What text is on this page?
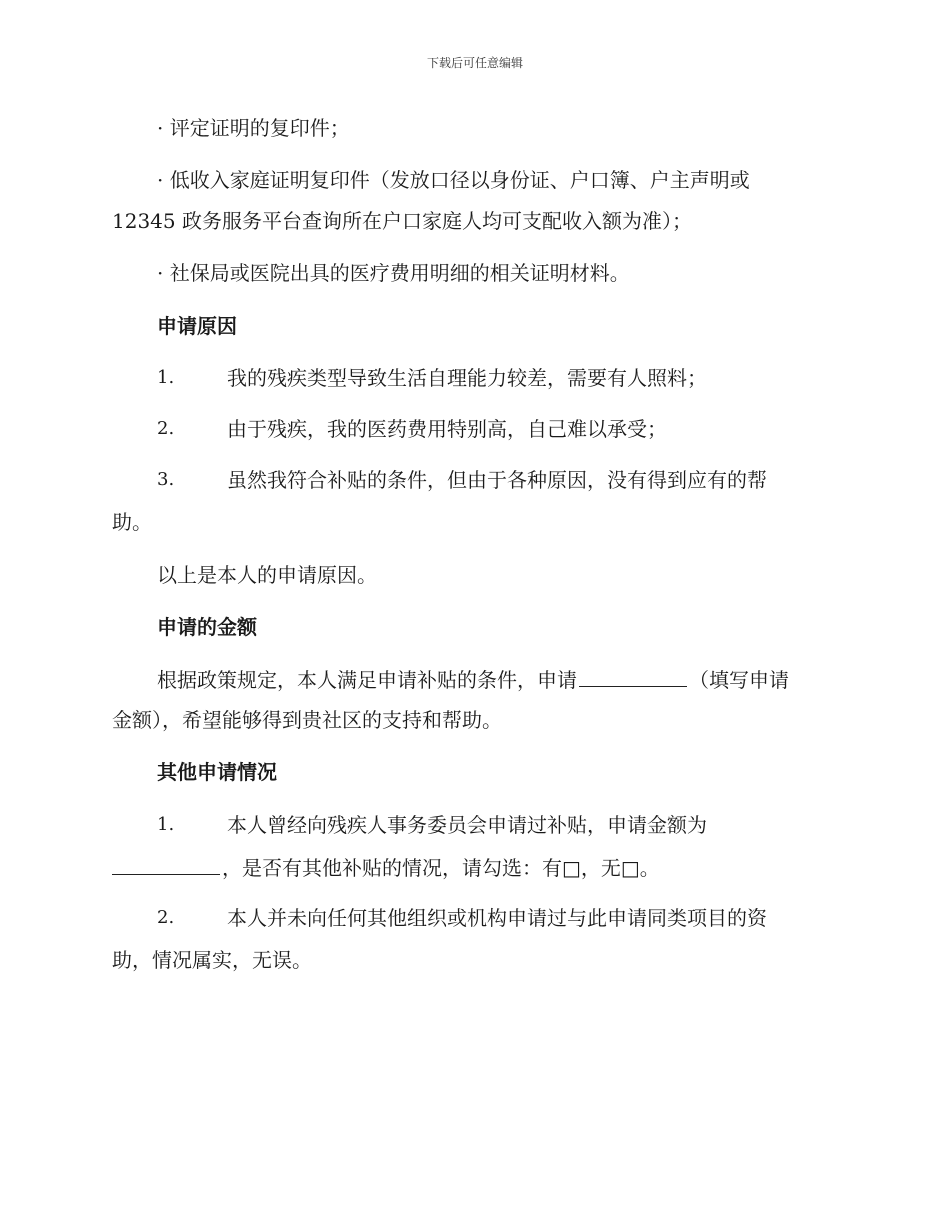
下载后可任意编辑
· 评定证明的复印件；
· 低收入家庭证明复印件（发放口径以身份证、户口簿、户主声明或
12345 政务服务平台查询所在户口家庭人均可支配收入额为准）；
· 社保局或医院出具的医疗费用明细的相关证明材料。
申请原因
1.	我的残疾类型导致生活自理能力较差，需要有人照料；
2.	由于残疾，我的医药费用特别高，自己难以承受；
3.	虽然我符合补贴的条件，但由于各种原因，没有得到应有的帮
助。
以上是本人的申请原因。
申请的金额
根据政策规定，本人满足申请补贴的条件，申请	（填写申请
金额），希望能够得到贵社区的支持和帮助。
其他申请情况
1.	本人曾经向残疾人事务委员会申请过补贴，申请金额为
，是否有其他补贴的情况，请勾选：有□，无□。
2.	本人并未向任何其他组织或机构申请过与此申请同类项目的资
助，情况属实，无误。
